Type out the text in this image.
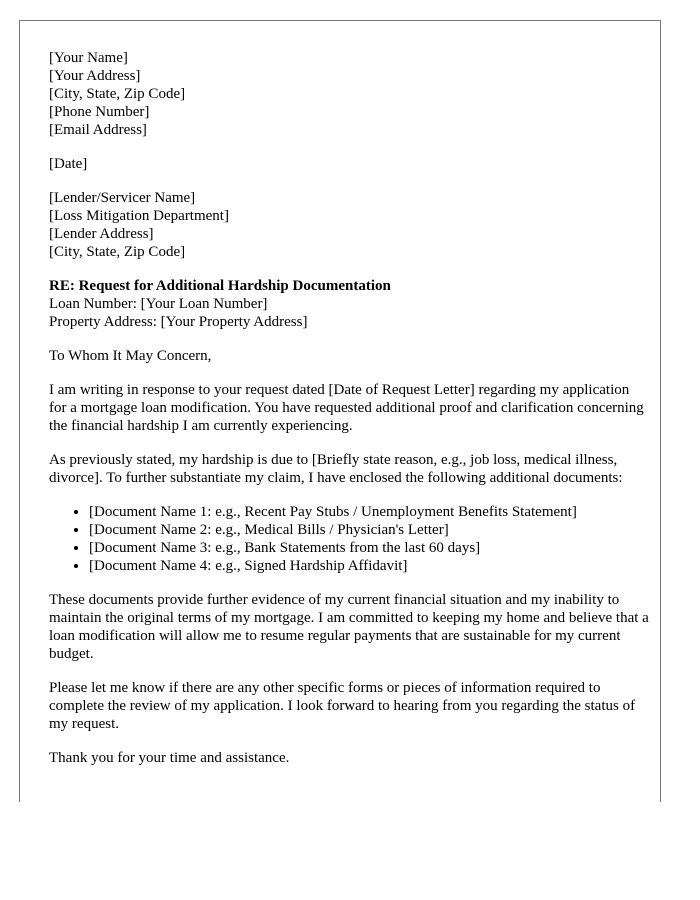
[Your Name]
[Your Address]
[City, State, Zip Code]
[Phone Number]
[Email Address]
[Date]
[Lender/Servicer Name]
[Loss Mitigation Department]
[Lender Address]
[City, State, Zip Code]
RE: Request for Additional Hardship Documentation
Loan Number: [Your Loan Number]
Property Address: [Your Property Address]
To Whom It May Concern,

I am writing in response to your request dated [Date of Request Letter] regarding my application for a mortgage loan modification. You have requested additional proof and clarification concerning the financial hardship I am currently experiencing.

As previously stated, my hardship is due to [Briefly state reason, e.g., job loss, medical illness, divorce]. To further substantiate my claim, I have enclosed the following additional documents:

• [Document Name 1: e.g., Recent Pay Stubs / Unemployment Benefits Statement]
• [Document Name 2: e.g., Medical Bills / Physician's Letter]
• [Document Name 3: e.g., Bank Statements from the last 60 days]
• [Document Name 4: e.g., Signed Hardship Affidavit]

These documents provide further evidence of my current financial situation and my inability to maintain the original terms of my mortgage. I am committed to keeping my home and believe that a loan modification will allow me to resume regular payments that are sustainable for my current budget.

Please let me know if there are any other specific forms or pieces of information required to complete the review of my application. I look forward to hearing from you regarding the status of my request.

Thank you for your time and assistance.
